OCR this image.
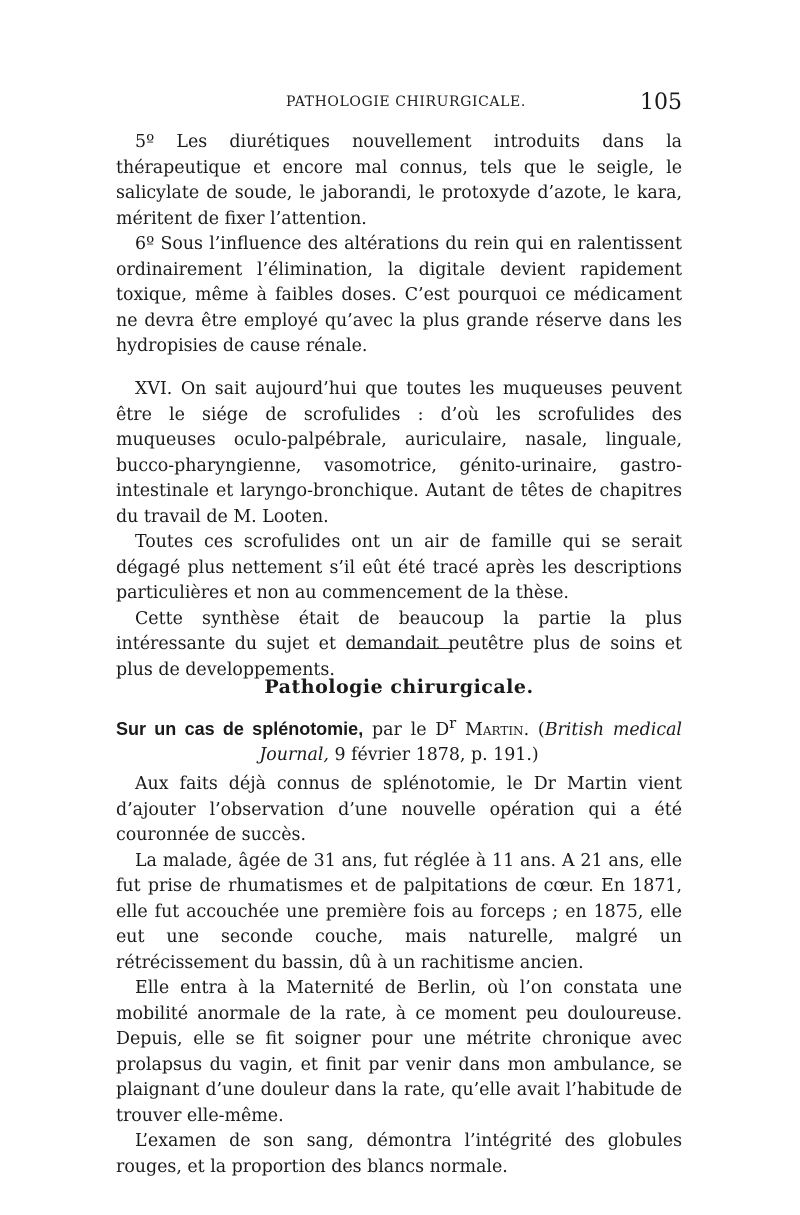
PATHOLOGIE CHIRURGICALE.	105

5º Les diurétiques nouvellement introduits dans la thérapeutique et encore mal connus, tels que le seigle, le salicylate de soude, le jaborandi, le protoxyde d’azote, le kara, méritent de fixer l’attention.

6º Sous l’influence des altérations du rein qui en ralentissent ordinairement l’élimination, la digitale devient rapidement toxique, même à faibles doses. C’est pourquoi ce médicament ne devra être employé qu’avec la plus grande réserve dans les hydropisies de cause rénale.

XVI. On sait aujourd’hui que toutes les muqueuses peuvent être le siége de scrofulides : d’où les scrofulides des muqueuses oculo-palpébrale, auriculaire, nasale, linguale, bucco-pharyngienne, vasomotrice, génito-urinaire, gastro-intestinale et laryngo-bronchique. Autant de têtes de chapitres du travail de M. Looten.

Toutes ces scrofulides ont un air de famille qui se serait dégagé plus nettement s’il eût été tracé après les descriptions particulières et non au commencement de la thèse.

Cette synthèse était de beaucoup la partie la plus intéressante du sujet et demandait peutêtre plus de soins et plus de developpements.

Pathologie chirurgicale.
Sur un cas de splénotomie, par le $D^r$ Martin. (British medical Journal, 9 février 1878, p. 191.)

Aux faits déjà connus de splénotomie, le Dr Martin vient d’ajouter l’observation d’une nouvelle opération qui a été couronnée de succès.

La malade, âgée de 31 ans, fut réglée à 11 ans. A 21 ans, elle fut prise de rhumatismes et de palpitations de cœur. En 1871, elle fut accouchée une première fois au forceps ; en 1875, elle eut une seconde couche, mais naturelle, malgré un rétrécissement du bassin, dû à un rachitisme ancien.

Elle entra à la Maternité de Berlin, où l’on constata une mobilité anormale de la rate, à ce moment peu douloureuse. Depuis, elle se fit soigner pour une métrite chronique avec prolapsus du vagin, et finit par venir dans mon ambulance, se plaignant d’une douleur dans la rate, qu’elle avait l’habitude de trouver elle-même.

L’examen de son sang, démontra l’intégrité des globules rouges, et la proportion des blancs normale.
